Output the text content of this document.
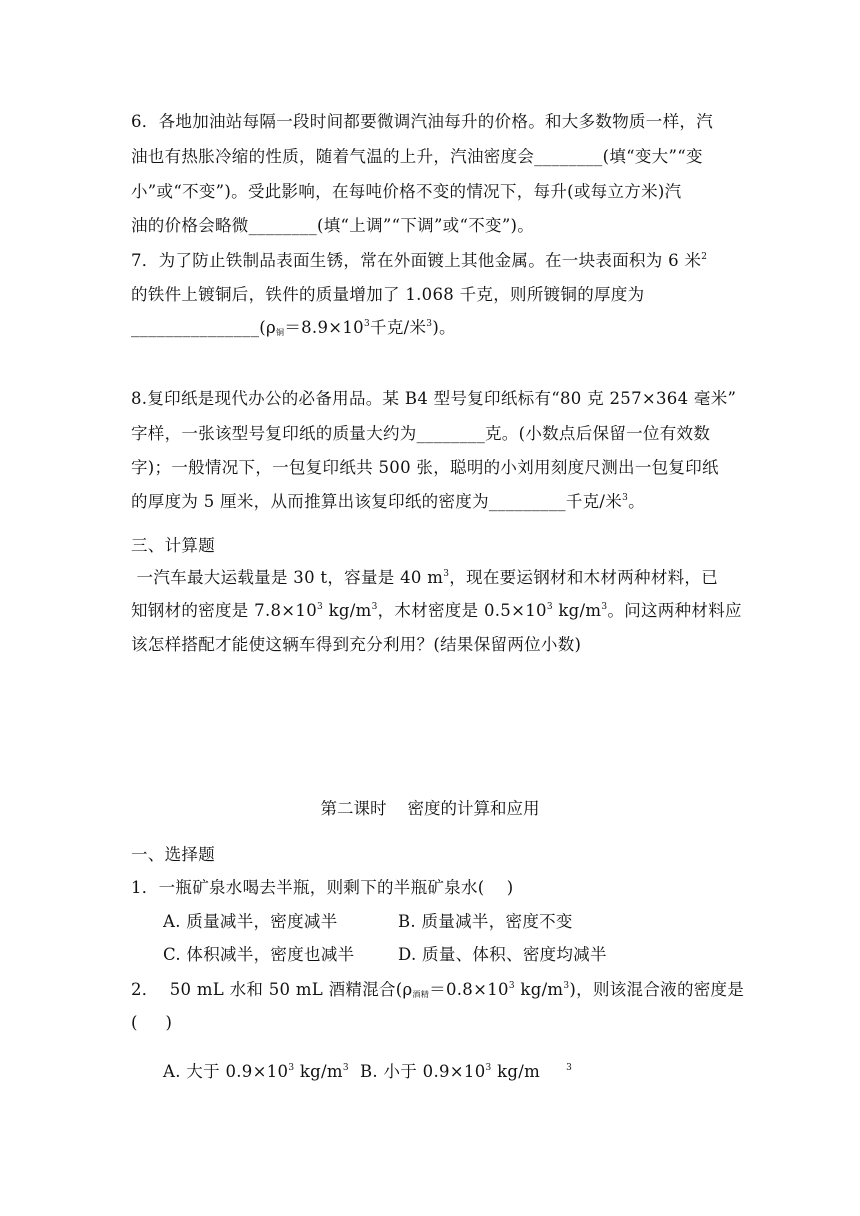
6．各地加油站每隔一段时间都要微调汽油每升的价格。和大多数物质一样，汽
油也有热胀冷缩的性质，随着气温的上升，汽油密度会________(填“变大”“变
小”或“不变”)。受此影响，在每吨价格不变的情况下，每升(或每立方米)汽
油的价格会略微________(填“上调”“下调”或“不变”)。
7．为了防止铁制品表面生锈，常在外面镀上其他金属。在一块表面积为 6 米$^2$
的铁件上镀铜后，铁件的质量增加了 1.068 千克，则所镀铜的厚度为
$\_\_\_\_\_\_\_\_\_\_\_\_\_\_\_(\rho_铜=8.9\times 10^3$千克/米$^3$)。
8.复印纸是现代办公的必备用品。某 B4 型号复印纸标有“80 克 257×364 毫米”
字样，一张该型号复印纸的质量大约为________克。(小数点后保留一位有效数
字)；一般情况下，一包复印纸共 500 张，聪明的小刘用刻度尺测出一包复印纸
的厚度为 5 厘米，从而推算出该复印纸的密度为_________千克/米$^3$。
三、计算题
一汽车最大运载量是 30 t，容量是 40 $m^3$，现在要运钢材和木材两种材料，已
知钢材的密度是 $7.8\times 10^3$ $kg/m^3$，木材密度是 $0.5\times 10^3$ $kg/m^3$。问这两种材料应
该怎样搭配才能使这辆车得到充分利用？(结果保留两位小数)
第二课时    密度的计算和应用
一、选择题
1．一瓶矿泉水喝去半瓶，则剩下的半瓶矿泉水(    )
A. 质量减半，密度减半	B. 质量减半，密度不变
C. 体积减半，密度也减半	D. 质量、体积、密度均减半
2．  50 mL 水和 50 mL 酒精混合($\rho_{酒精}=0.8\times 10^3$ $kg/m^3$)，则该混合液的密度是
(     )
A. 大于 $0.9\times 10^3$ $kg/m^3$  B. 小于 $0.9\times 10^3$ kg/m	$^3$
